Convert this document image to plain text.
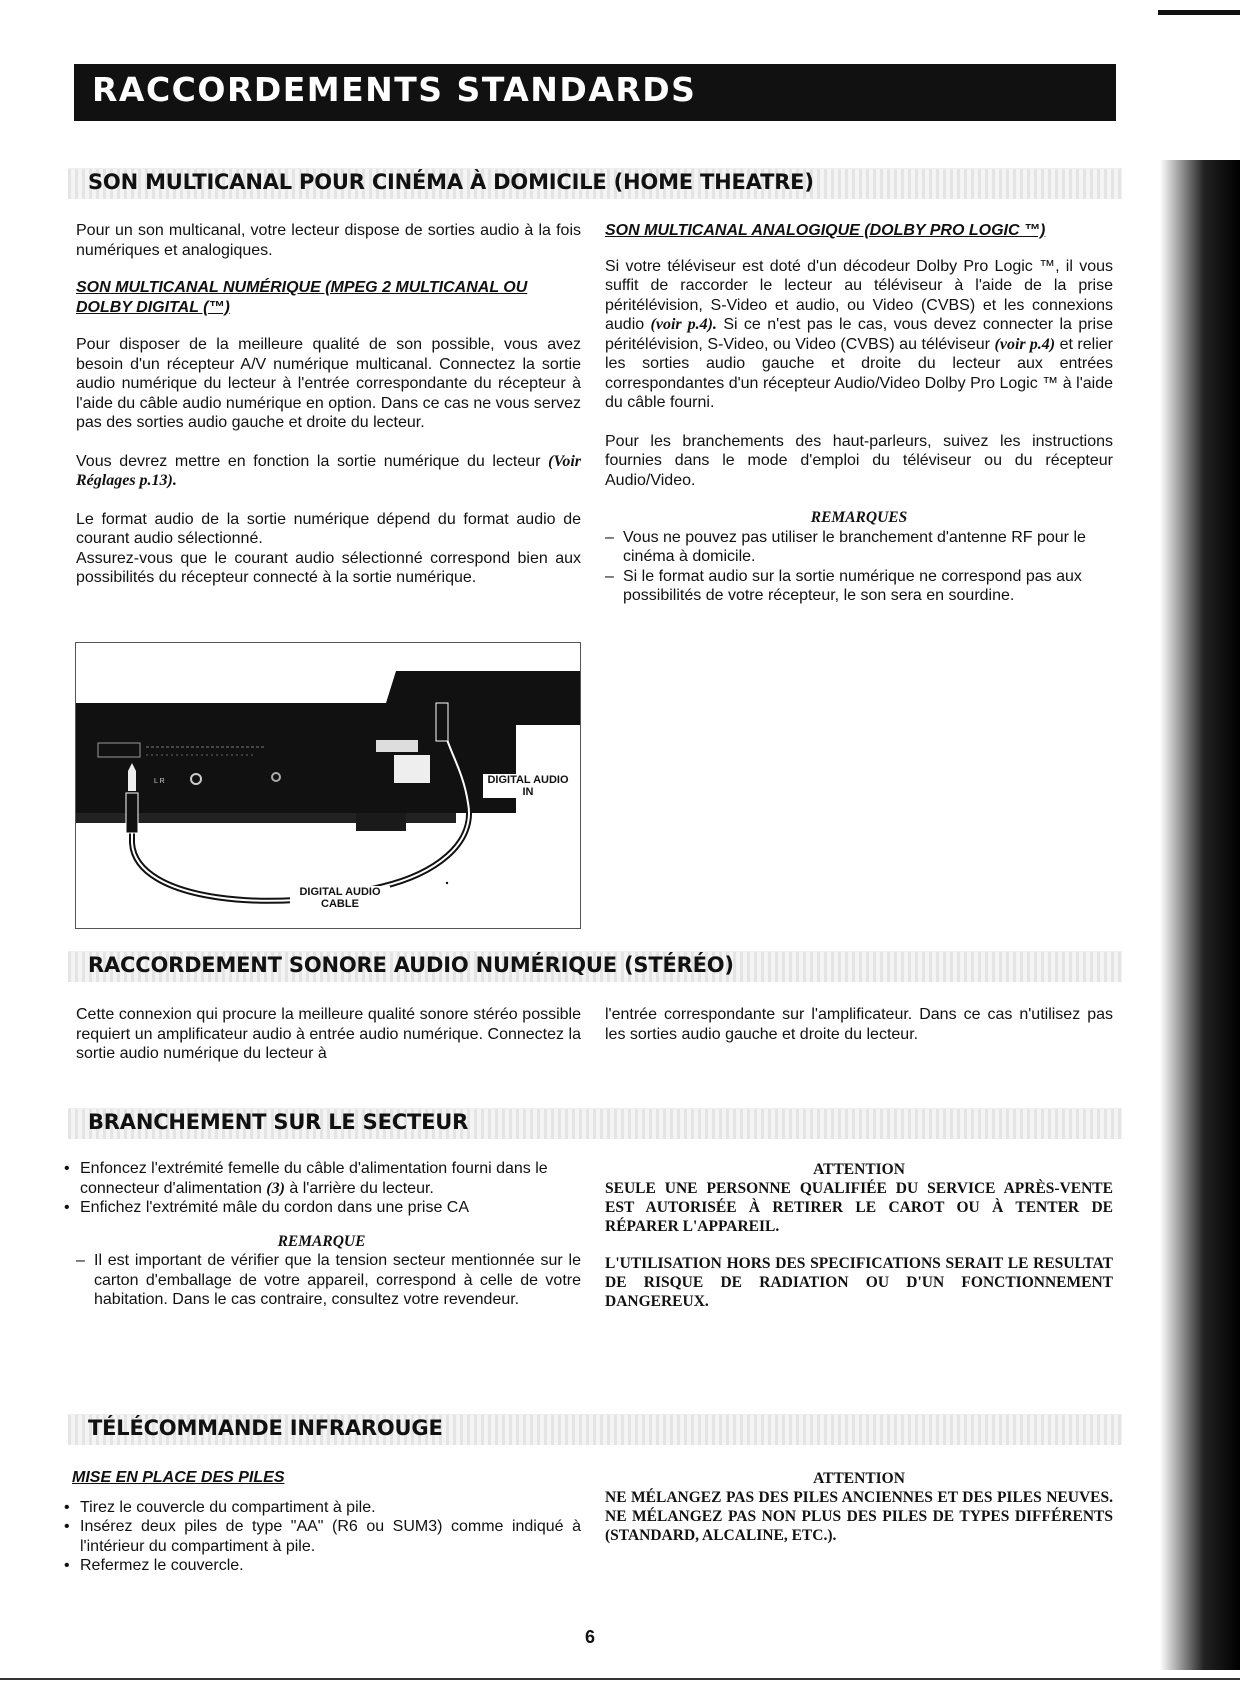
RACCORDEMENTS STANDARDS
SON MULTICANAL POUR CINÉMA À DOMICILE (HOME THEATRE)

Pour un son multicanal, votre lecteur dispose de sorties audio à la fois numériques et analogiques.

SON MULTICANAL NUMÉRIQUE (MPEG 2 MULTICANAL OU DOLBY DIGITAL (™)

Pour disposer de la meilleure qualité de son possible, vous avez besoin d'un récepteur A/V numérique multicanal. Connectez la sortie audio numérique du lecteur à l'entrée correspondante du récepteur à l'aide du câble audio numérique en option. Dans ce cas ne vous servez pas des sorties audio gauche et droite du lecteur.

Vous devrez mettre en fonction la sortie numérique du lecteur (Voir Réglages p.13).

Le format audio de la sortie numérique dépend du format audio de courant audio sélectionné.

Assurez-vous que le courant audio sélectionné correspond bien aux possibilités du récepteur connecté à la sortie numérique.

SON MULTICANAL ANALOGIQUE (DOLBY PRO LOGIC ™)

Si votre téléviseur est doté d'un décodeur Dolby Pro Logic ™, il vous suffit de raccorder le lecteur au téléviseur à l'aide de la prise péritélévision, S-Video et audio, ou Video (CVBS) et les connexions audio (voir p.4). Si ce n'est pas le cas, vous devez connecter la prise péritélévision, S-Video, ou Video (CVBS) au téléviseur (voir p.4) et relier les sorties audio gauche et droite du lecteur aux entrées correspondantes d'un récepteur Audio/Video Dolby Pro Logic ™ à l'aide du câble fourni.

Pour les branchements des haut-parleurs, suivez les instructions fournies dans le mode d'emploi du téléviseur ou du récepteur Audio/Video.

REMARQUES

– Vous ne pouvez pas utiliser le branchement d'antenne RF pour le cinéma à domicile.
– Si le format audio sur la sortie numérique ne correspond pas aux possibilités de votre récepteur, le son sera en sourdine.
L R	DIGITAL AUDIO
IN
DIGITAL AUDIO
CABLE
RACCORDEMENT SONORE AUDIO NUMÉRIQUE (STÉRÉO)

Cette connexion qui procure la meilleure qualité sonore stéréo possible requiert un amplificateur audio à entrée audio numérique. Connectez la sortie audio numérique du lecteur à

l'entrée correspondante sur l'amplificateur. Dans ce cas n'utilisez pas les sorties audio gauche et droite du lecteur.

BRANCHEMENT SUR LE SECTEUR
• Enfoncez l'extrémité femelle du câble d'alimentation fourni dans le connecteur d'alimentation (3) à l'arrière du lecteur.
• Enfichez l'extrémité mâle du cordon dans une prise CA

REMARQUE

– Il est important de vérifier que la tension secteur mentionnée sur le carton d'emballage de votre appareil, correspond à celle de votre habitation. Dans le cas contraire, consultez votre revendeur.

ATTENTION

SEULE UNE PERSONNE QUALIFIÉE DU SERVICE APRÈS-VENTE EST AUTORISÉE À RETIRER LE CAROT OU À TENTER DE RÉPARER L'APPAREIL.

L'UTILISATION HORS DES SPECIFICATIONS SERAIT LE RESULTAT DE RISQUE DE RADIATION OU D'UN FONCTIONNEMENT DANGEREUX.

TÉLÉCOMMANDE INFRAROUGE

MISE EN PLACE DES PILES

• Tirez le couvercle du compartiment à pile.
• Insérez deux piles de type "AA" (R6 ou SUM3) comme indiqué à l'intérieur du compartiment à pile.
• Refermez le couvercle.

ATTENTION

NE MÉLANGEZ PAS DES PILES ANCIENNES ET DES PILES NEUVES. NE MÉLANGEZ PAS NON PLUS DES PILES DE TYPES DIFFÉRENTS (STANDARD, ALCALINE, ETC.).

6
